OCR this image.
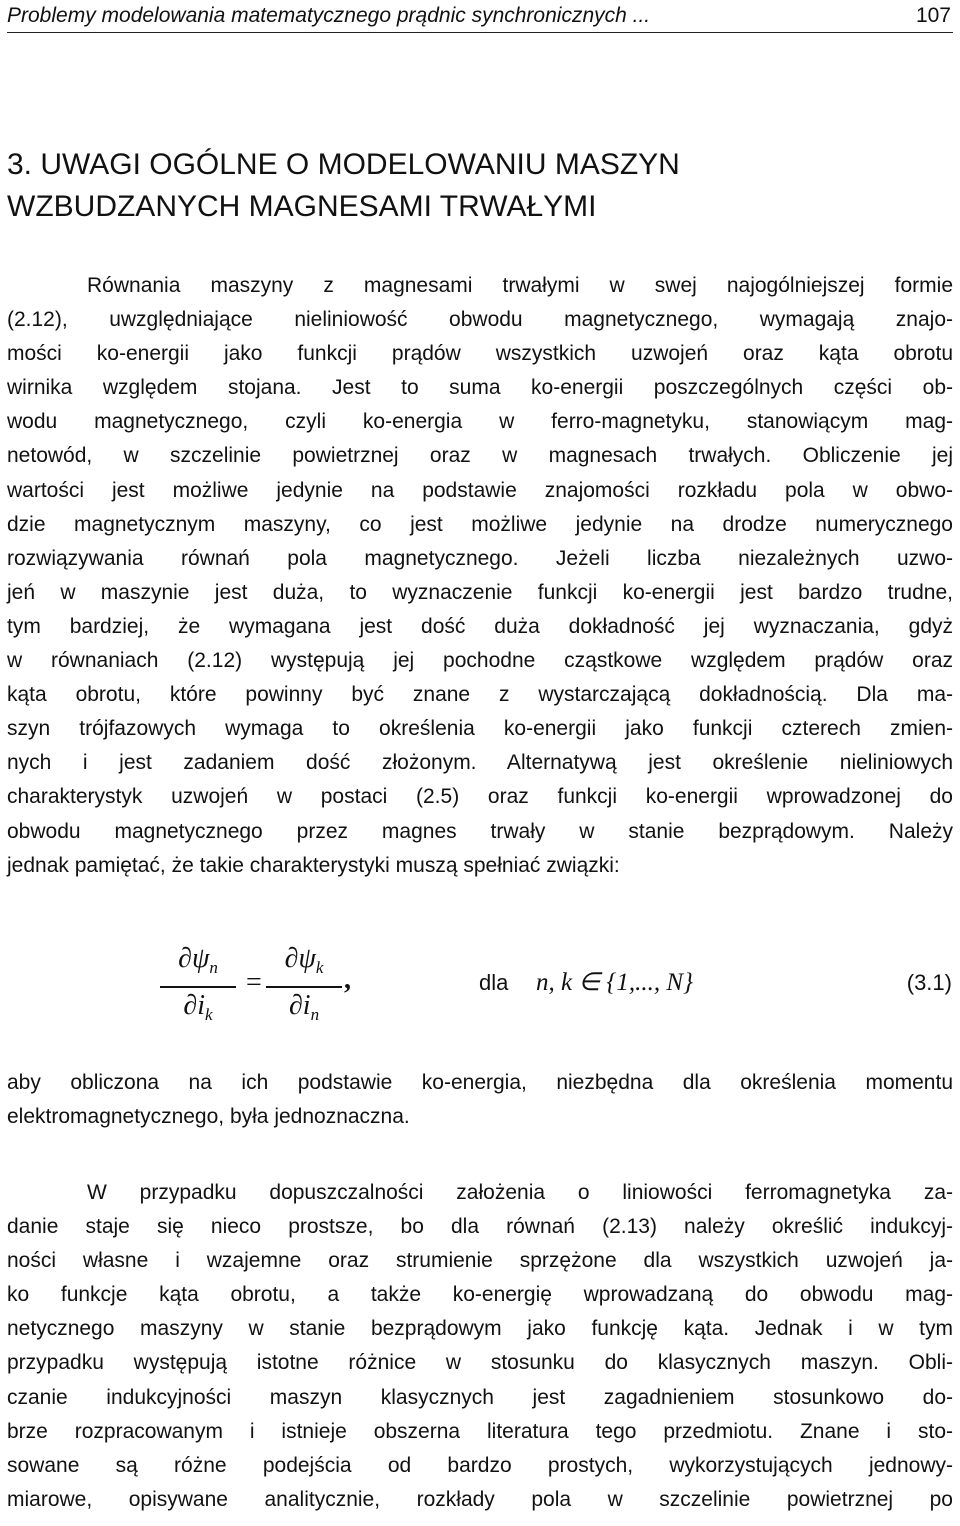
Problemy modelowania matematycznego prądnic synchronicznych ...	107
3. UWAGI OGÓLNE O MODELOWANIU MASZYN
WZBUDZANYCH MAGNESAMI TRWAŁYMI

Równania maszyny z magnesami trwałymi w swej najogólniejszej formie
(2.12), uwzględniające nieliniowość obwodu magnetycznego, wymagają znajo-
mości ko-energii jako funkcji prądów wszystkich uzwojeń oraz kąta obrotu
wirnika względem stojana. Jest to suma ko-energii poszczególnych części ob-
wodu magnetycznego, czyli ko-energia w ferro-magnetyku, stanowiącym mag-
netowód, w szczelinie powietrznej oraz w magnesach trwałych. Obliczenie jej
wartości jest możliwe jedynie na podstawie znajomości rozkładu pola w obwo-
dzie magnetycznym maszyny, co jest możliwe jedynie na drodze numerycznego
rozwiązywania równań pola magnetycznego. Jeżeli liczba niezależnych uzwo-
jeń w maszynie jest duża, to wyznaczenie funkcji ko-energii jest bardzo trudne,
tym bardziej, że wymagana jest dość duża dokładność jej wyznaczania, gdyż
w równaniach (2.12) występują jej pochodne cząstkowe względem prądów oraz
kąta obrotu, które powinny być znane z wystarczającą dokładnością. Dla ma-
szyn trójfazowych wymaga to określenia ko-energii jako funkcji czterech zmien-
nych i jest zadaniem dość złożonym. Alternatywą jest określenie nieliniowych
charakterystyk uzwojeń w postaci (2.5) oraz funkcji ko-energii wprowadzonej do
obwodu magnetycznego przez magnes trwały w stanie bezprądowym. Należy
jednak pamiętać, że takie charakterystyki muszą spełniać związki:

$\partial\psi_n$
$\partial i_k$
=
$\partial\psi_k$
$\partial i_n$
,	dla n, k ∈ {1,..., N}	(3.1)

aby obliczona na ich podstawie ko-energia, niezbędna dla określenia momentu
elektromagnetycznego, była jednoznaczna.

W przypadku dopuszczalności założenia o liniowości ferromagnetyka za-
danie staje się nieco prostsze, bo dla równań (2.13) należy określić indukcyj-
ności własne i wzajemne oraz strumienie sprzężone dla wszystkich uzwojeń ja-
ko funkcje kąta obrotu, a także ko-energię wprowadzaną do obwodu mag-
netycznego maszyny w stanie bezprądowym jako funkcję kąta. Jednak i w tym
przypadku występują istotne różnice w stosunku do klasycznych maszyn. Obli-
czanie indukcyjności maszyn klasycznych jest zagadnieniem stosunkowo do-
brze rozpracowanym i istnieje obszerna literatura tego przedmiotu. Znane i sto-
sowane są różne podejścia od bardzo prostych, wykorzystujących jednowy-
miarowe, opisywane analitycznie, rozkłady pola w szczelinie powietrznej po
